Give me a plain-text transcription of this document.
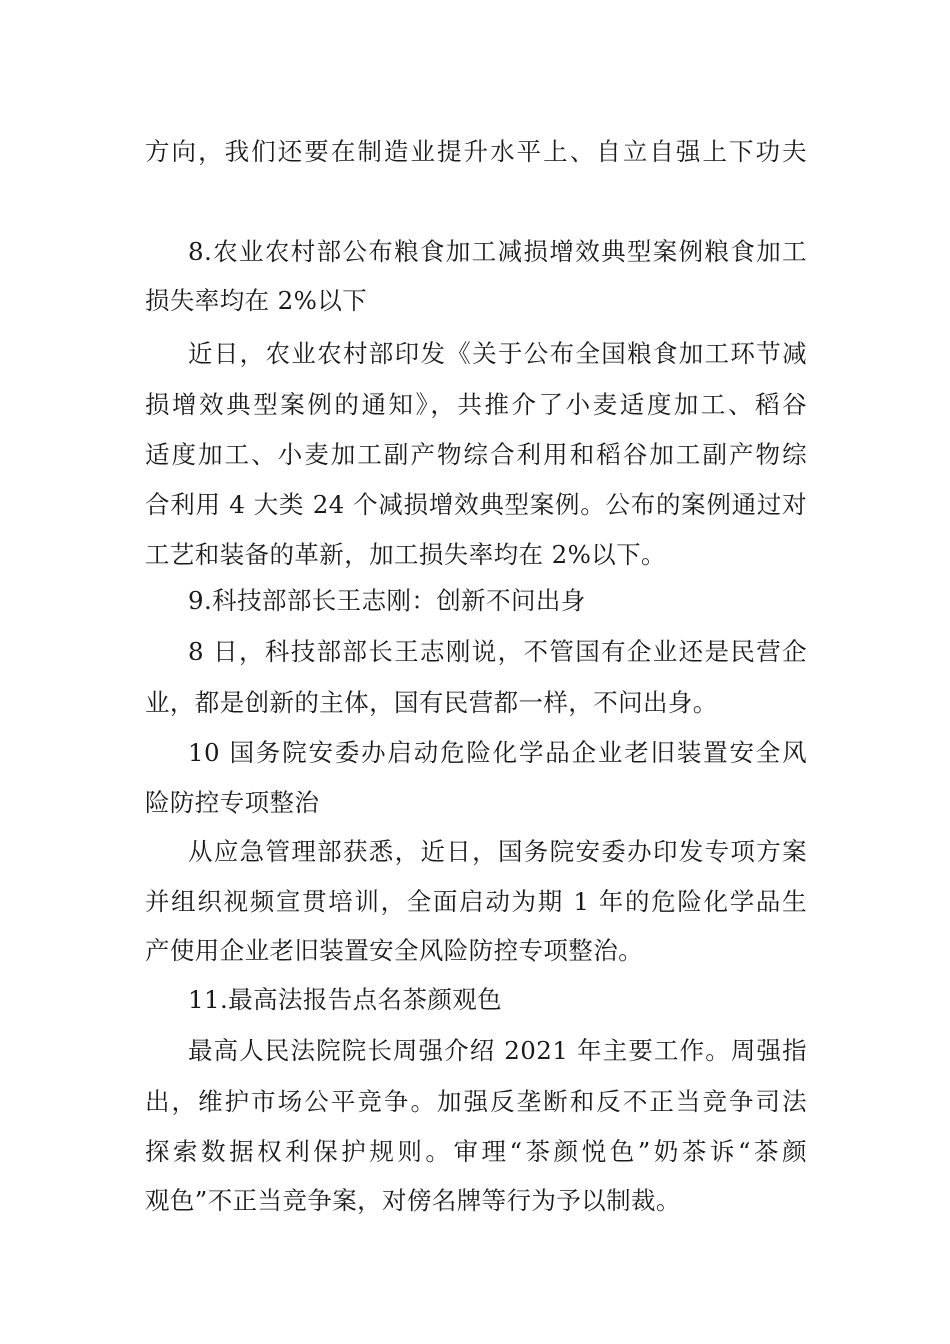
方向，我们还要在制造业提升水平上、自立自强上下功夫
8.农业农村部公布粮食加工减损增效典型案例粮食加工
损失率均在 2%以下
近日，农业农村部印发《关于公布全国粮食加工环节减
损增效典型案例的通知》，共推介了小麦适度加工、稻谷
适度加工、小麦加工副产物综合利用和稻谷加工副产物综
合利用 4 大类 24 个减损增效典型案例。公布的案例通过对
工艺和装备的革新，加工损失率均在 2%以下。
9.科技部部长王志刚：创新不问出身
8 日，科技部部长王志刚说，不管国有企业还是民营企
业，都是创新的主体，国有民营都一样，不问出身。
10 国务院安委办启动危险化学品企业老旧装置安全风
险防控专项整治
从应急管理部获悉，近日，国务院安委办印发专项方案
并组织视频宣贯培训，全面启动为期 1 年的危险化学品生
产使用企业老旧装置安全风险防控专项整治。
11.最高法报告点名茶颜观色
最高人民法院院长周强介绍 2021 年主要工作。周强指
出，维护市场公平竞争。加强反垄断和反不正当竞争司法
探索数据权利保护规则。审理“茶颜悦色”奶茶诉“茶颜
观色”不正当竞争案，对傍名牌等行为予以制裁。
